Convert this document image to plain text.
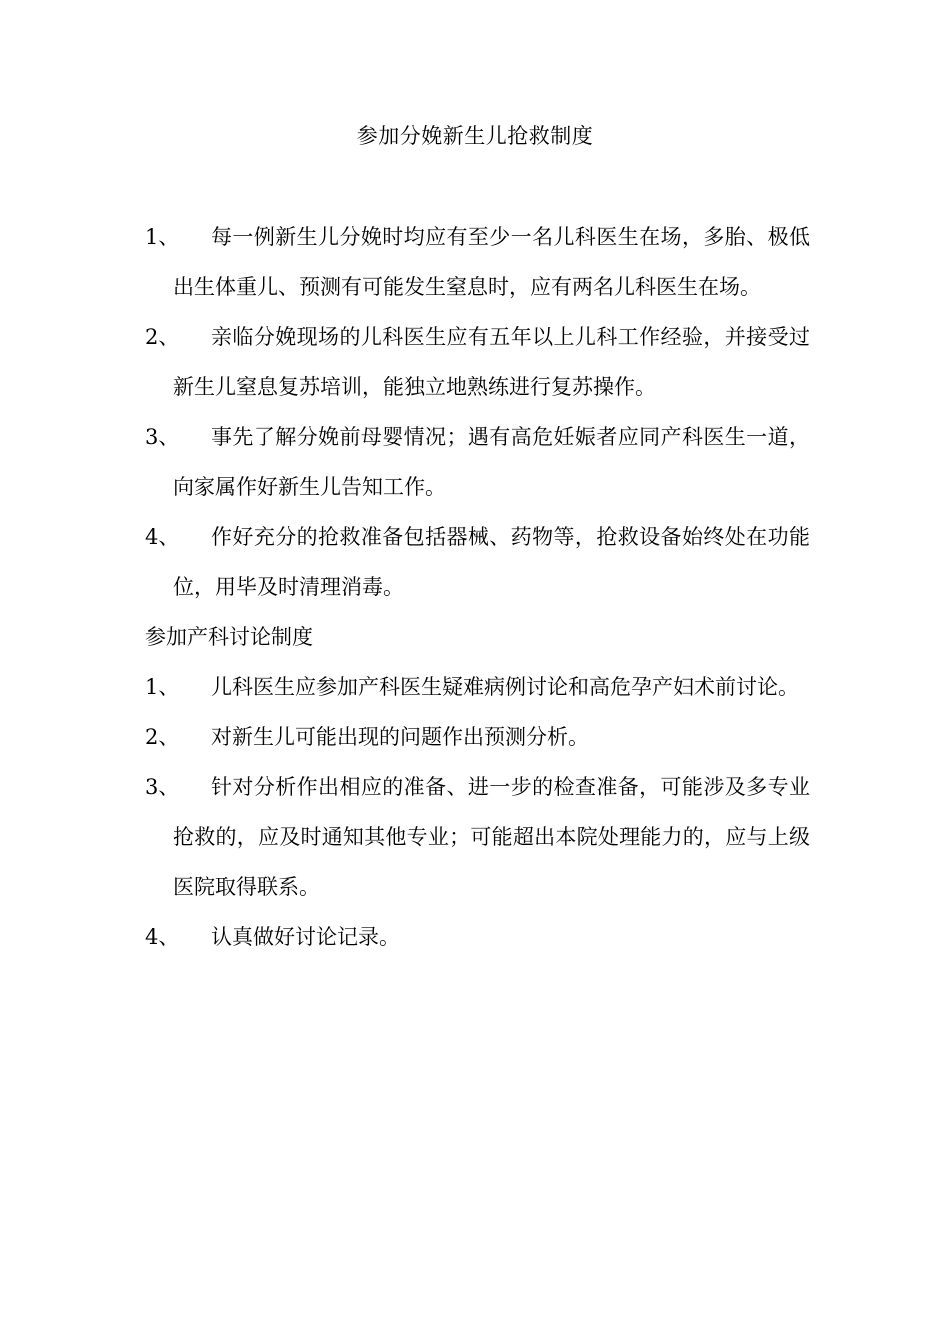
参加分娩新生儿抢救制度
1、	每一例新生儿分娩时均应有至少一名儿科医生在场，多胎、极低出生体重儿、预测有可能发生窒息时，应有两名儿科医生在场。
2、	亲临分娩现场的儿科医生应有五年以上儿科工作经验，并接受过新生儿窒息复苏培训，能独立地熟练进行复苏操作。
3、	事先了解分娩前母婴情况；遇有高危妊娠者应同产科医生一道，向家属作好新生儿告知工作。
4、	作好充分的抢救准备包括器械、药物等，抢救设备始终处在功能位，用毕及时清理消毒。
参加产科讨论制度
1、	儿科医生应参加产科医生疑难病例讨论和高危孕产妇术前讨论。
2、	对新生儿可能出现的问题作出预测分析。
3、	针对分析作出相应的准备、进一步的检查准备，可能涉及多专业抢救的，应及时通知其他专业；可能超出本院处理能力的，应与上级医院取得联系。
4、	认真做好讨论记录。
